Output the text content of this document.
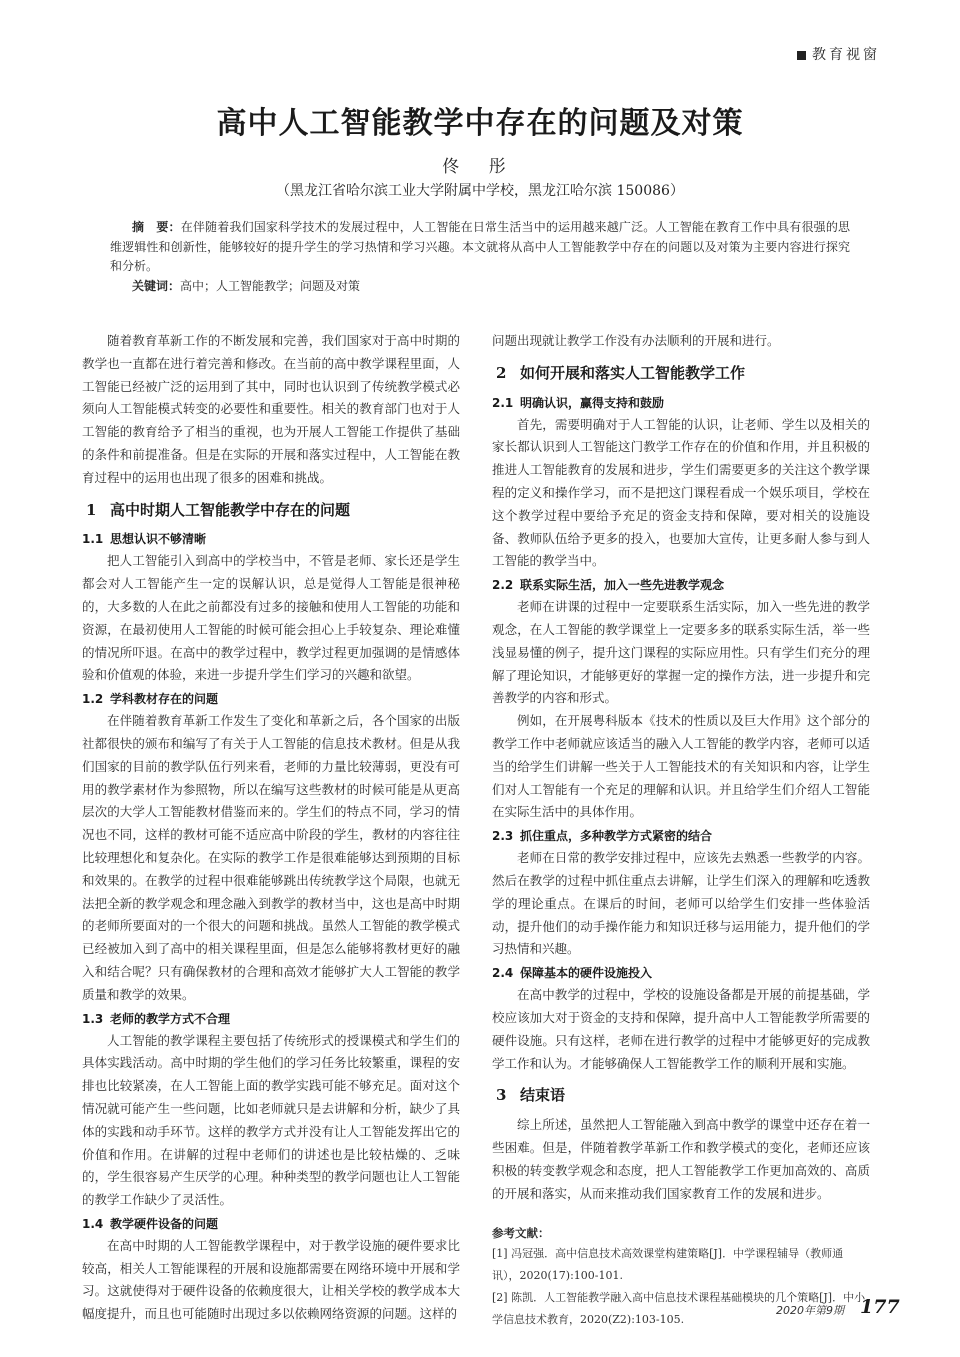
教育视窗
高中人工智能教学中存在的问题及对策
佟 彤
（黑龙江省哈尔滨工业大学附属中学校，黑龙江哈尔滨 150086）
摘　要：在伴随着我们国家科学技术的发展过程中，人工智能在日常生活当中的运用越来越广泛。人工智能在教育工作中具有很强的思维逻辑性和创新性，能够较好的提升学生的学习热情和学习兴趣。本文就将从高中人工智能教学中存在的问题以及对策为主要内容进行探究和分析。
关键词：高中；人工智能教学；问题及对策

随着教育革新工作的不断发展和完善，我们国家对于高中时期的教学也一直都在进行着完善和修改。在当前的高中教学课程里面，人工智能已经被广泛的运用到了其中，同时也认识到了传统教学模式必须向人工智能模式转变的必要性和重要性。相关的教育部门也对于人工智能的教育给予了相当的重视，也为开展人工智能工作提供了基础的条件和前提准备。但是在实际的开展和落实过程中，人工智能在教育过程中的运用也出现了很多的困难和挑战。

1 高中时期人工智能教学中存在的问题
1.1 思想认识不够清晰

把人工智能引入到高中的学校当中，不管是老师、家长还是学生都会对人工智能产生一定的误解认识，总是觉得人工智能是很神秘的，大多数的人在此之前都没有过多的接触和使用人工智能的功能和资源，在最初使用人工智能的时候可能会担心上手较复杂、理论难懂的情况所吓退。在高中的教学过程中，教学过程更加强调的是情感体验和价值观的体验，来进一步提升学生们学习的兴趣和欲望。

1.2 学科教材存在的问题

在伴随着教育革新工作发生了变化和革新之后，各个国家的出版社都很快的颁布和编写了有关于人工智能的信息技术教材。但是从我们国家的目前的教学队伍行列来看，老师的力量比较薄弱，更没有可用的教学素材作为参照物，所以在编写这些教材的时候可能是从更高层次的大学人工智能教材借鉴而来的。学生们的特点不同，学习的情况也不同，这样的教材可能不适应高中阶段的学生，教材的内容往往比较理想化和复杂化。在实际的教学工作是很难能够达到预期的目标和效果的。在教学的过程中很难能够跳出传统教学这个局限，也就无法把全新的教学观念和理念融入到教学的教材当中，这也是高中时期的老师所要面对的一个很大的问题和挑战。虽然人工智能的教学模式已经被加入到了高中的相关课程里面，但是怎么能够将教材更好的融入和结合呢？只有确保教材的合理和高效才能够扩大人工智能的教学质量和教学的效果。

1.3 老师的教学方式不合理

人工智能的教学课程主要包括了传统形式的授课模式和学生们的具体实践活动。高中时期的学生他们的学习任务比较繁重，课程的安排也比较紧凑，在人工智能上面的教学实践可能不够充足。面对这个情况就可能产生一些问题，比如老师就只是去讲解和分析，缺少了具体的实践和动手环节。这样的教学方式并没有让人工智能发挥出它的价值和作用。在讲解的过程中老师们的讲述也是比较枯燥的、乏味的，学生很容易产生厌学的心理。种种类型的教学问题也让人工智能的教学工作缺少了灵活性。

1.4 教学硬件设备的问题

在高中时期的人工智能教学课程中，对于教学设施的硬件要求比较高，相关人工智能课程的开展和设施都需要在网络环境中开展和学习。这就使得对于硬件设备的依赖度很大，让相关学校的教学成本大幅度提升，而且也可能随时出现过多以依赖网络资源的问题。这样的

问题出现就让教学工作没有办法顺利的开展和进行。

2 如何开展和落实人工智能教学工作
2.1 明确认识，赢得支持和鼓励

首先，需要明确对于人工智能的认识，让老师、学生以及相关的家长都认识到人工智能这门教学工作存在的价值和作用，并且积极的推进人工智能教育的发展和进步，学生们需要更多的关注这个教学课程的定义和操作学习，而不是把这门课程看成一个娱乐项目，学校在这个教学过程中要给予充足的资金支持和保障，要对相关的设施设备、教师队伍给予更多的投入，也要加大宣传，让更多耐人参与到人工智能的教学当中。

2.2 联系实际生活，加入一些先进教学观念

老师在讲课的过程中一定要联系生活实际，加入一些先进的教学观念，在人工智能的教学课堂上一定要多多的联系实际生活，举一些浅显易懂的例子，提升这门课程的实际应用性。只有学生们充分的理解了理论知识，才能够更好的掌握一定的操作方法，进一步提升和完善教学的内容和形式。

例如，在开展粤科版本《技术的性质以及巨大作用》这个部分的教学工作中老师就应该适当的融入人工智能的教学内容，老师可以适当的给学生们讲解一些关于人工智能技术的有关知识和内容，让学生们对人工智能有一个充足的理解和认识。并且给学生们介绍人工智能在实际生活中的具体作用。

2.3 抓住重点，多种教学方式紧密的结合

老师在日常的教学安排过程中，应该先去熟悉一些教学的内容。然后在教学的过程中抓住重点去讲解，让学生们深入的理解和吃透教学的理论重点。在课后的时间，老师可以给学生们安排一些体验活动，提升他们的动手操作能力和知识迁移与运用能力，提升他们的学习热情和兴趣。

2.4 保障基本的硬件设施投入

在高中教学的过程中，学校的设施设备都是开展的前提基础，学校应该加大对于资金的支持和保障，提升高中人工智能教学所需要的硬件设施。只有这样，老师在进行教学的过程中才能够更好的完成教学工作和认为。才能够确保人工智能教学工作的顺利开展和实施。

3 结束语

综上所述，虽然把人工智能融入到高中教学的课堂中还存在着一些困难。但是，伴随着教学革新工作和教学模式的变化，老师还应该积极的转变教学观念和态度，把人工智能教学工作更加高效的、高质的开展和落实，从而来推动我们国家教育工作的发展和进步。

参考文献：
[1] 冯冠强．高中信息技术高效课堂构建策略[J]．中学课程辅导（教师通讯），2020(17):100-101.
[2] 陈凯．人工智能教学融入高中信息技术课程基础模块的几个策略[J]．中小学信息技术教育，2020(Z2):103-105.
2020年第9期 177
